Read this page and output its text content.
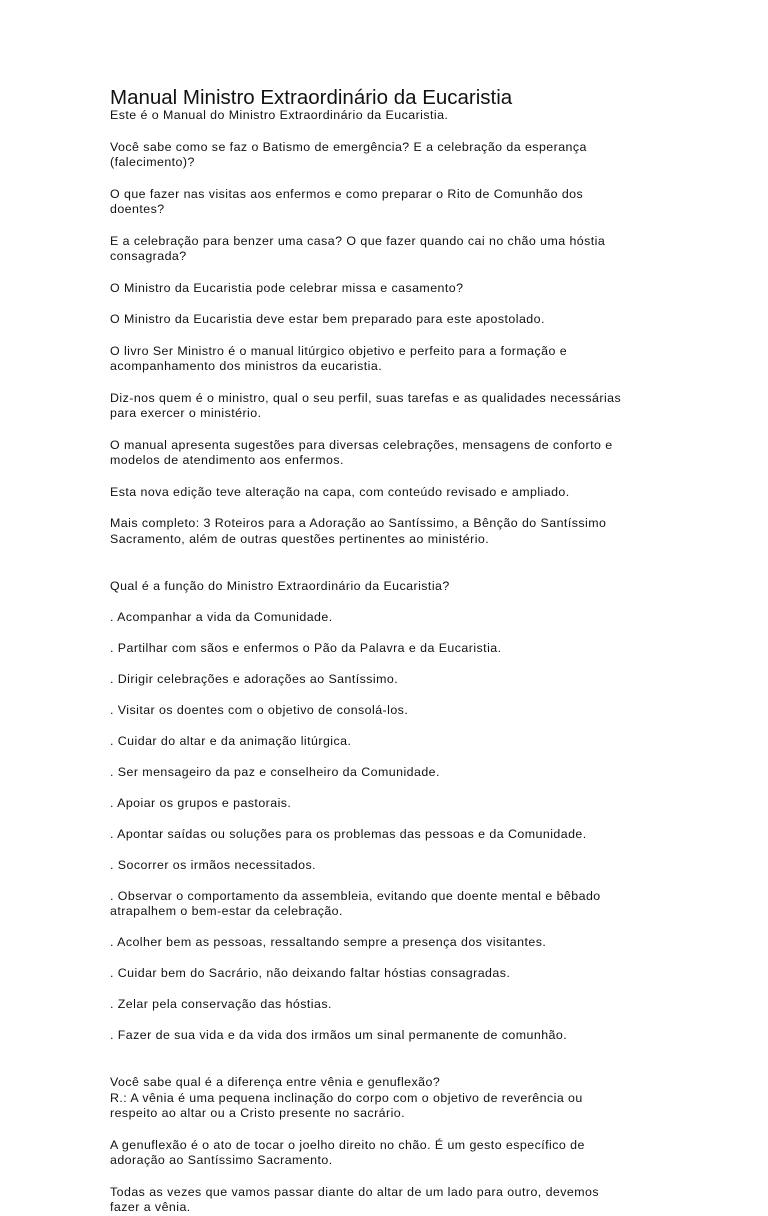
Manual Ministro Extraordinário da Eucaristia

Este é o Manual do Ministro Extraordinário da Eucaristia.

Você sabe como se faz o Batismo de emergência? E a celebração da esperança
(falecimento)?

O que fazer nas visitas aos enfermos e como preparar o Rito de Comunhão dos
doentes?

E a celebração para benzer uma casa? O que fazer quando cai no chão uma hóstia
consagrada?

O Ministro da Eucaristia pode celebrar missa e casamento?

O Ministro da Eucaristia deve estar bem preparado para este apostolado.

O livro Ser Ministro é o manual litúrgico objetivo e perfeito para a formação e
acompanhamento dos ministros da eucaristia.

Diz-nos quem é o ministro, qual o seu perfil, suas tarefas e as qualidades necessárias
para exercer o ministério.

O manual apresenta sugestões para diversas celebrações, mensagens de conforto e
modelos de atendimento aos enfermos.

Esta nova edição teve alteração na capa, com conteúdo revisado e ampliado.

Mais completo: 3 Roteiros para a Adoração ao Santíssimo, a Bênção do Santíssimo
Sacramento, além de outras questões pertinentes ao ministério.

Qual é a função do Ministro Extraordinário da Eucaristia?

. Acompanhar a vida da Comunidade.

. Partilhar com sãos e enfermos o Pão da Palavra e da Eucaristia.

. Dirigir celebrações e adorações ao Santíssimo.

. Visitar os doentes com o objetivo de consolá-los.

. Cuidar do altar e da animação litúrgica.

. Ser mensageiro da paz e conselheiro da Comunidade.

. Apoiar os grupos e pastorais.

. Apontar saídas ou soluções para os problemas das pessoas e da Comunidade.

. Socorrer os irmãos necessitados.

. Observar o comportamento da assembleia, evitando que doente mental e bêbado
atrapalhem o bem-estar da celebração.

. Acolher bem as pessoas, ressaltando sempre a presença dos visitantes.

. Cuidar bem do Sacrário, não deixando faltar hóstias consagradas.

. Zelar pela conservação das hóstias.

. Fazer de sua vida e da vida dos irmãos um sinal permanente de comunhão.

Você sabe qual é a diferença entre vênia e genuflexão?
R.: A vênia é uma pequena inclinação do corpo com o objetivo de reverência ou
respeito ao altar ou a Cristo presente no sacrário.

A genuflexão é o ato de tocar o joelho direito no chão. É um gesto específico de
adoração ao Santíssimo Sacramento.

Todas as vezes que vamos passar diante do altar de um lado para outro, devemos
fazer a vênia.
